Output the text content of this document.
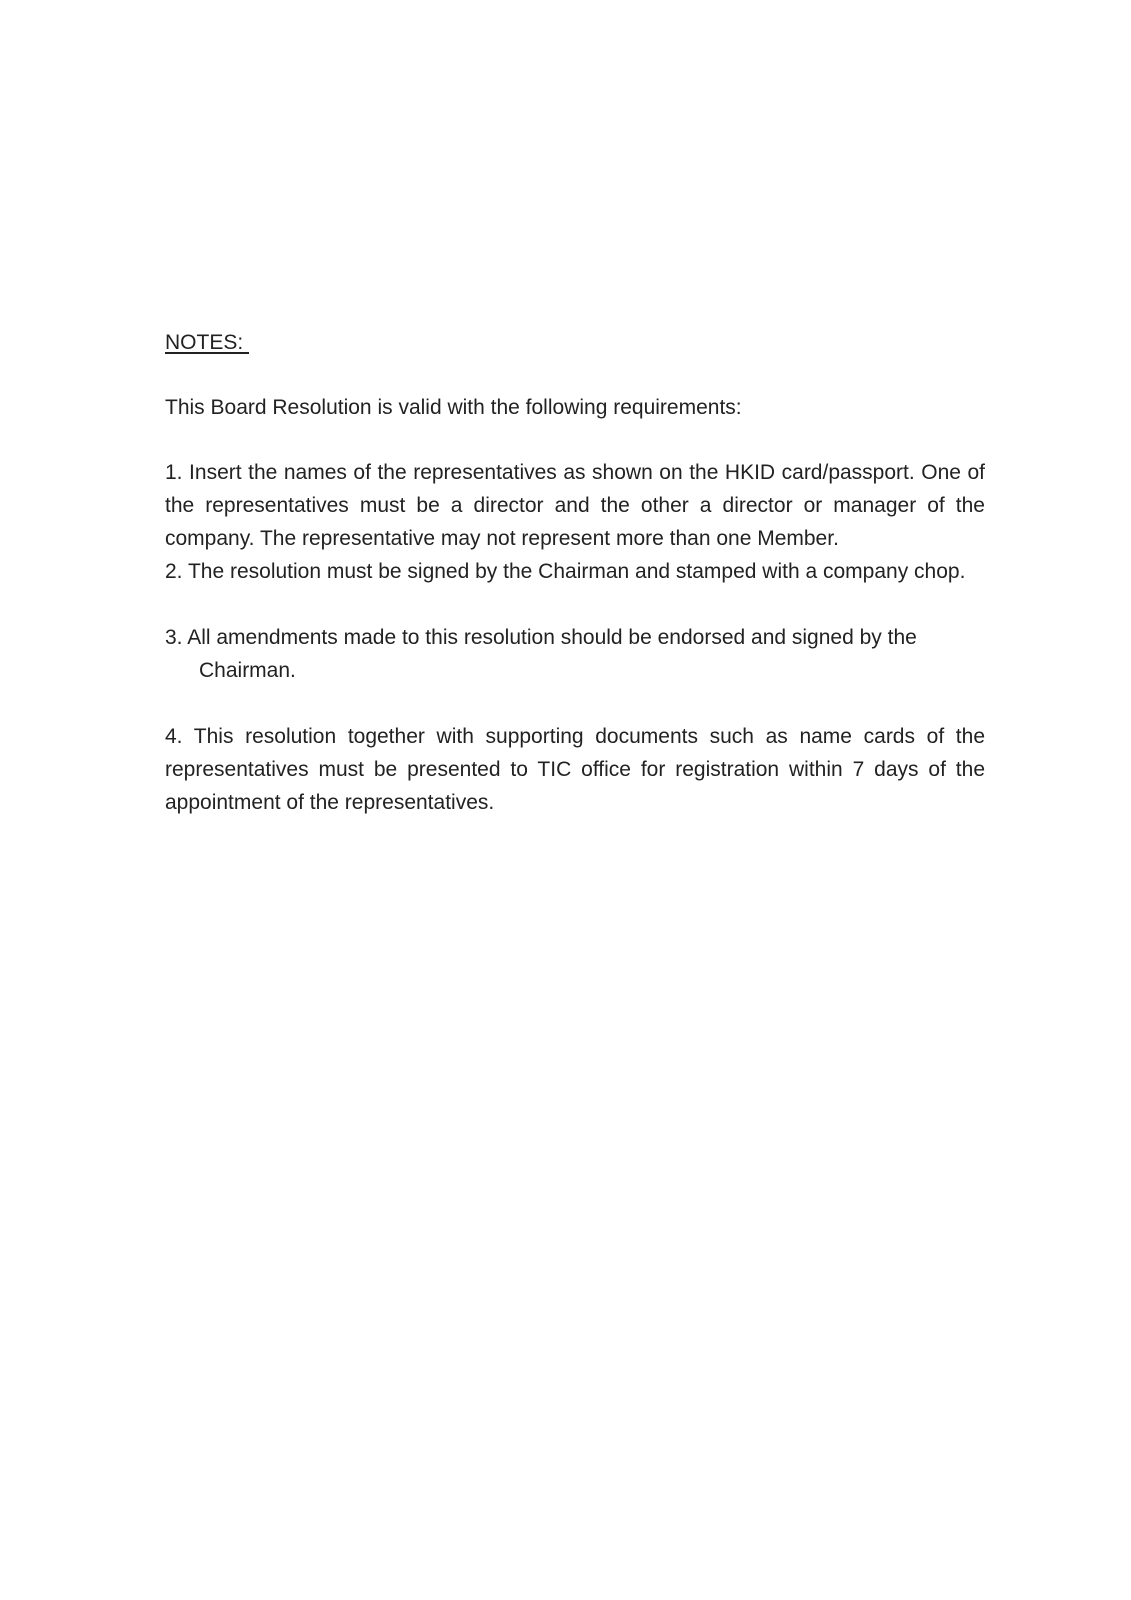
NOTES:

This Board Resolution is valid with the following requirements:

1. Insert the names of the representatives as shown on the HKID card/passport. One of the representatives must be a director and the other a director or manager of the company. The representative may not represent more than one Member.

2. The resolution must be signed by the Chairman and stamped with a company chop.

3. All amendments made to this resolution should be endorsed and signed by the Chairman.

4. This resolution together with supporting documents such as name cards of the representatives must be presented to TIC office for registration within 7 days of the appointment of the representatives.
